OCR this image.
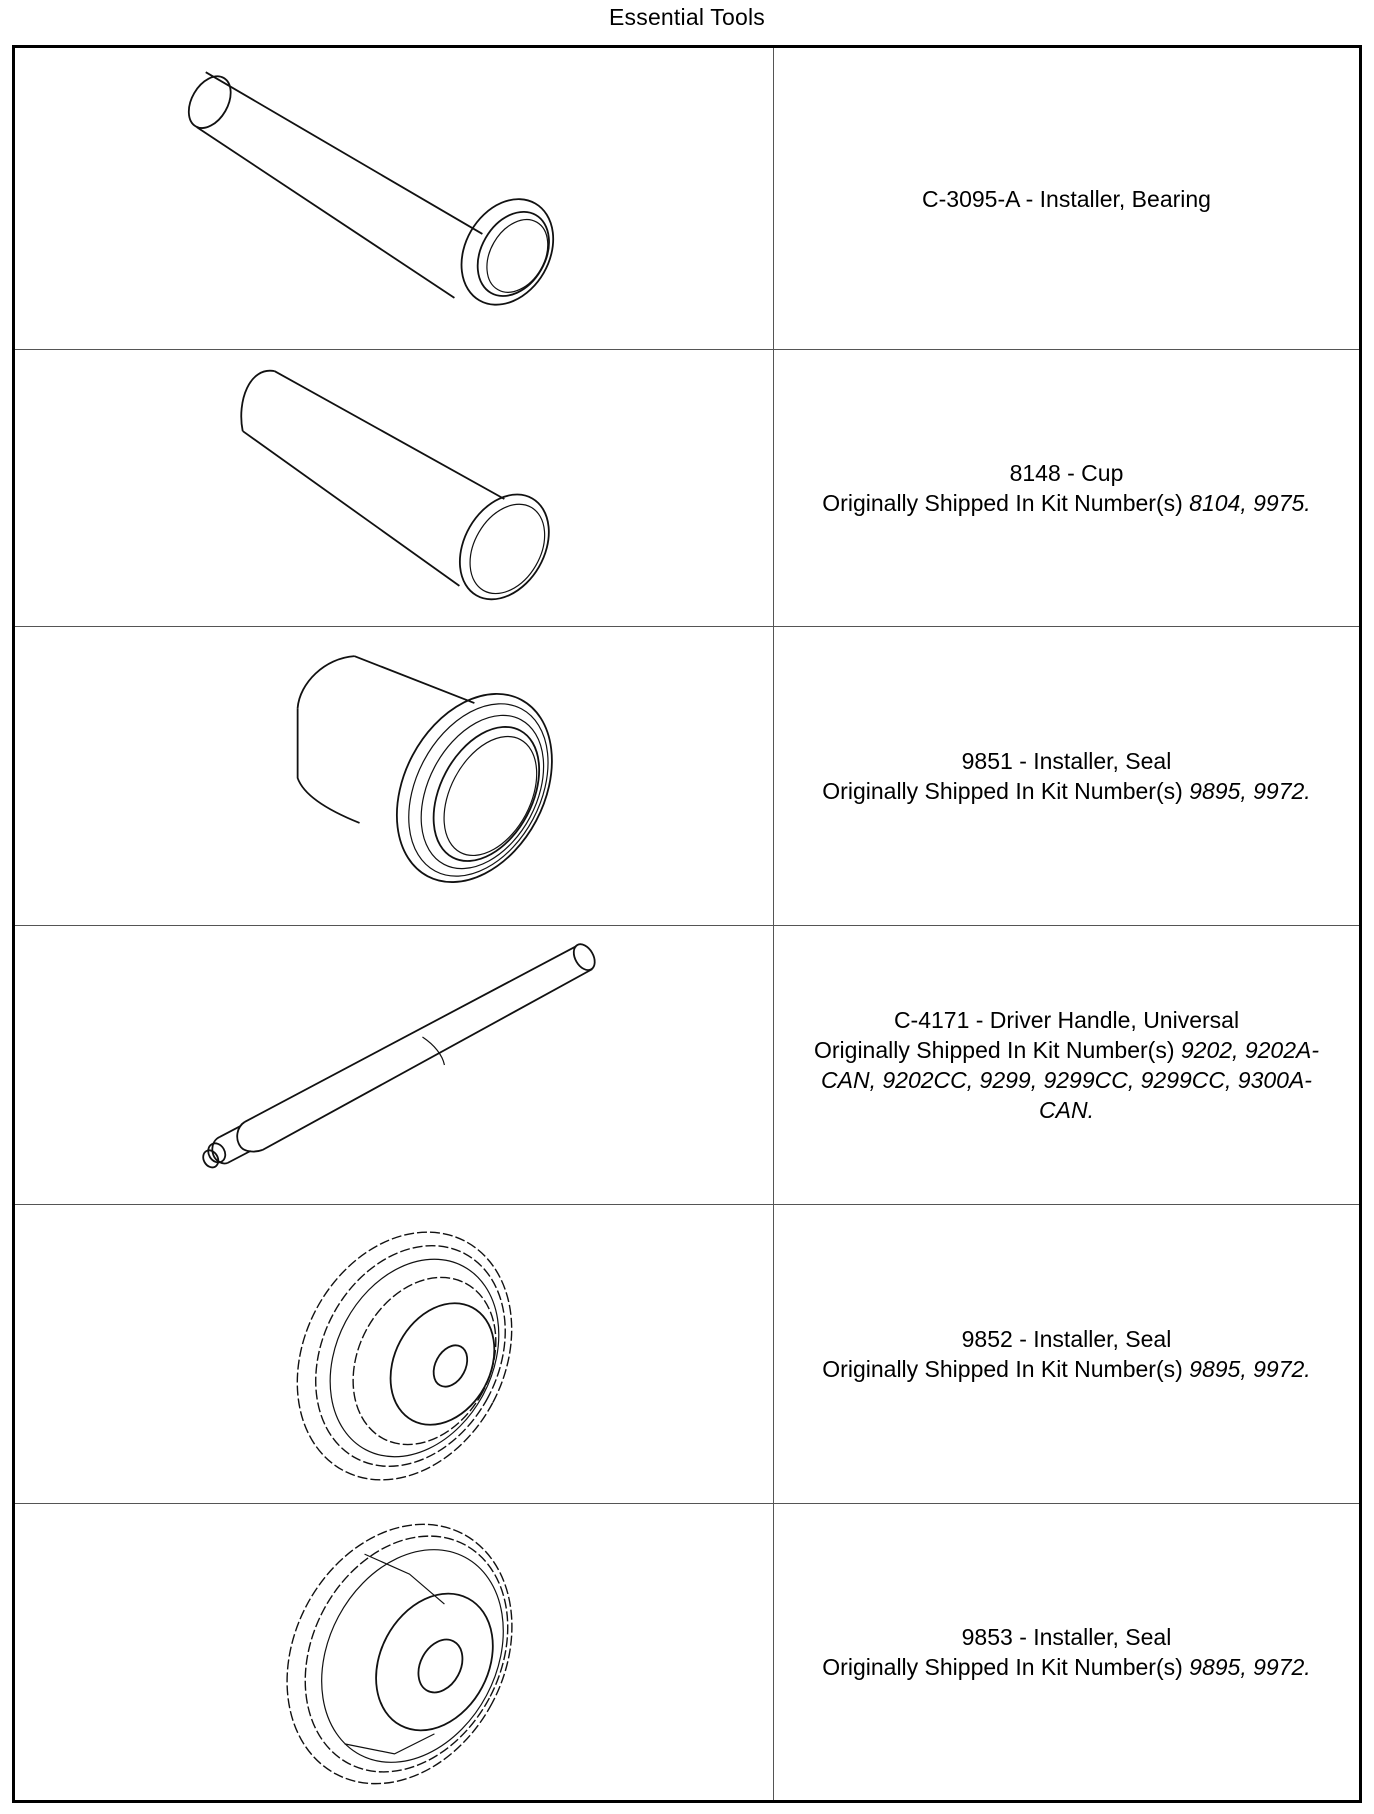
Essential Tools
C-3095-A - Installer, Bearing
8148 - Cup
Originally Shipped In Kit Number(s) 8104, 9975.
9851 - Installer, Seal
Originally Shipped In Kit Number(s) 9895, 9972.
C-4171 - Driver Handle, Universal
Originally Shipped In Kit Number(s) 9202, 9202A-CAN, 9202CC, 9299, 9299CC, 9299CC, 9300A-CAN.
9852 - Installer, Seal
Originally Shipped In Kit Number(s) 9895, 9972.
9853 - Installer, Seal
Originally Shipped In Kit Number(s) 9895, 9972.
